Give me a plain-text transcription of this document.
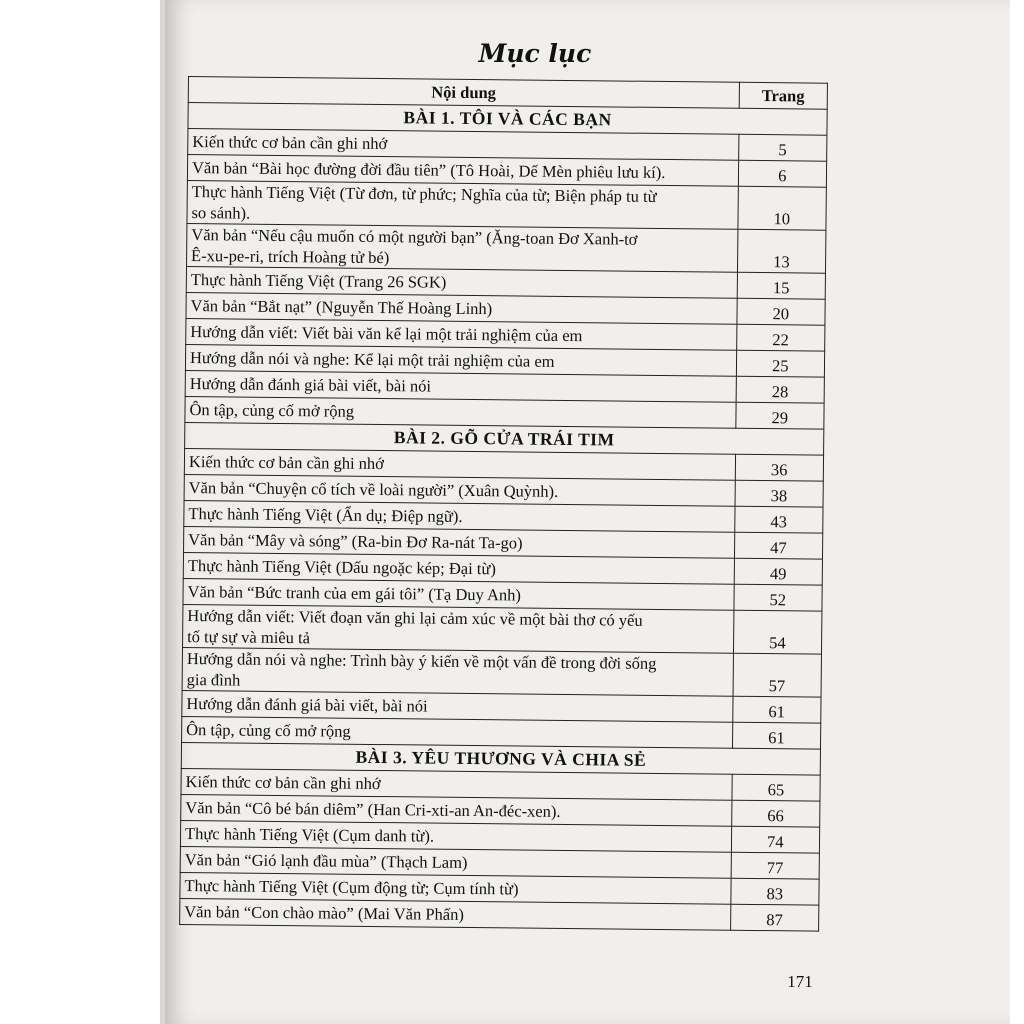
Mục lục
Nội dung	Trang
BÀI 1. TÔI VÀ CÁC BẠN	

Kiến thức cơ bản cần ghi nhớ	5

Văn bản “Bài học đường đời đầu tiên” (Tô Hoài, Dế Mèn phiêu lưu kí).	6

Thực hành Tiếng Việt (Từ đơn, từ phức; Nghĩa của từ; Biện pháp tu từ
so sánh).	10

Văn bản “Nếu cậu muốn có một người bạn” (Ăng-toan Đơ Xanh-tơ
Ê-xu-pe-ri, trích Hoàng tử bé)	13

Thực hành Tiếng Việt (Trang 26 SGK)	15

Văn bản “Bắt nạt” (Nguyễn Thế Hoàng Linh)	20

Hướng dẫn viết: Viết bài văn kể lại một trải nghiệm của em	22

Hướng dẫn nói và nghe: Kể lại một trải nghiệm của em	25

Hướng dẫn đánh giá bài viết, bài nói	28

Ôn tập, củng cố mở rộng	29
BÀI 2. GÕ CỬA TRÁI TIM	

Kiến thức cơ bản cần ghi nhớ	36

Văn bản “Chuyện cổ tích về loài người” (Xuân Quỳnh).	38

Thực hành Tiếng Việt (Ẩn dụ; Điệp ngữ).	43

Văn bản “Mây và sóng” (Ra-bin Đơ Ra-nát Ta-go)	47

Thực hành Tiếng Việt (Dấu ngoặc kép; Đại từ)	49

Văn bản “Bức tranh của em gái tôi” (Tạ Duy Anh)	52

Hướng dẫn viết: Viết đoạn văn ghi lại cảm xúc về một bài thơ có yếu
tố tự sự và miêu tả	54

Hướng dẫn nói và nghe: Trình bày ý kiến về một vấn đề trong đời sống
gia đình	57

Hướng dẫn đánh giá bài viết, bài nói	61

Ôn tập, củng cố mở rộng	61
BÀI 3. YÊU THƯƠNG VÀ CHIA SẺ	

Kiến thức cơ bản cần ghi nhớ	65

Văn bản “Cô bé bán diêm” (Han Cri-xti-an An-đéc-xen).	66

Thực hành Tiếng Việt (Cụm danh từ).	74

Văn bản “Gió lạnh đầu mùa” (Thạch Lam)	77

Thực hành Tiếng Việt (Cụm động từ; Cụm tính từ)	83

Văn bản “Con chào mào” (Mai Văn Phấn)	87
171
